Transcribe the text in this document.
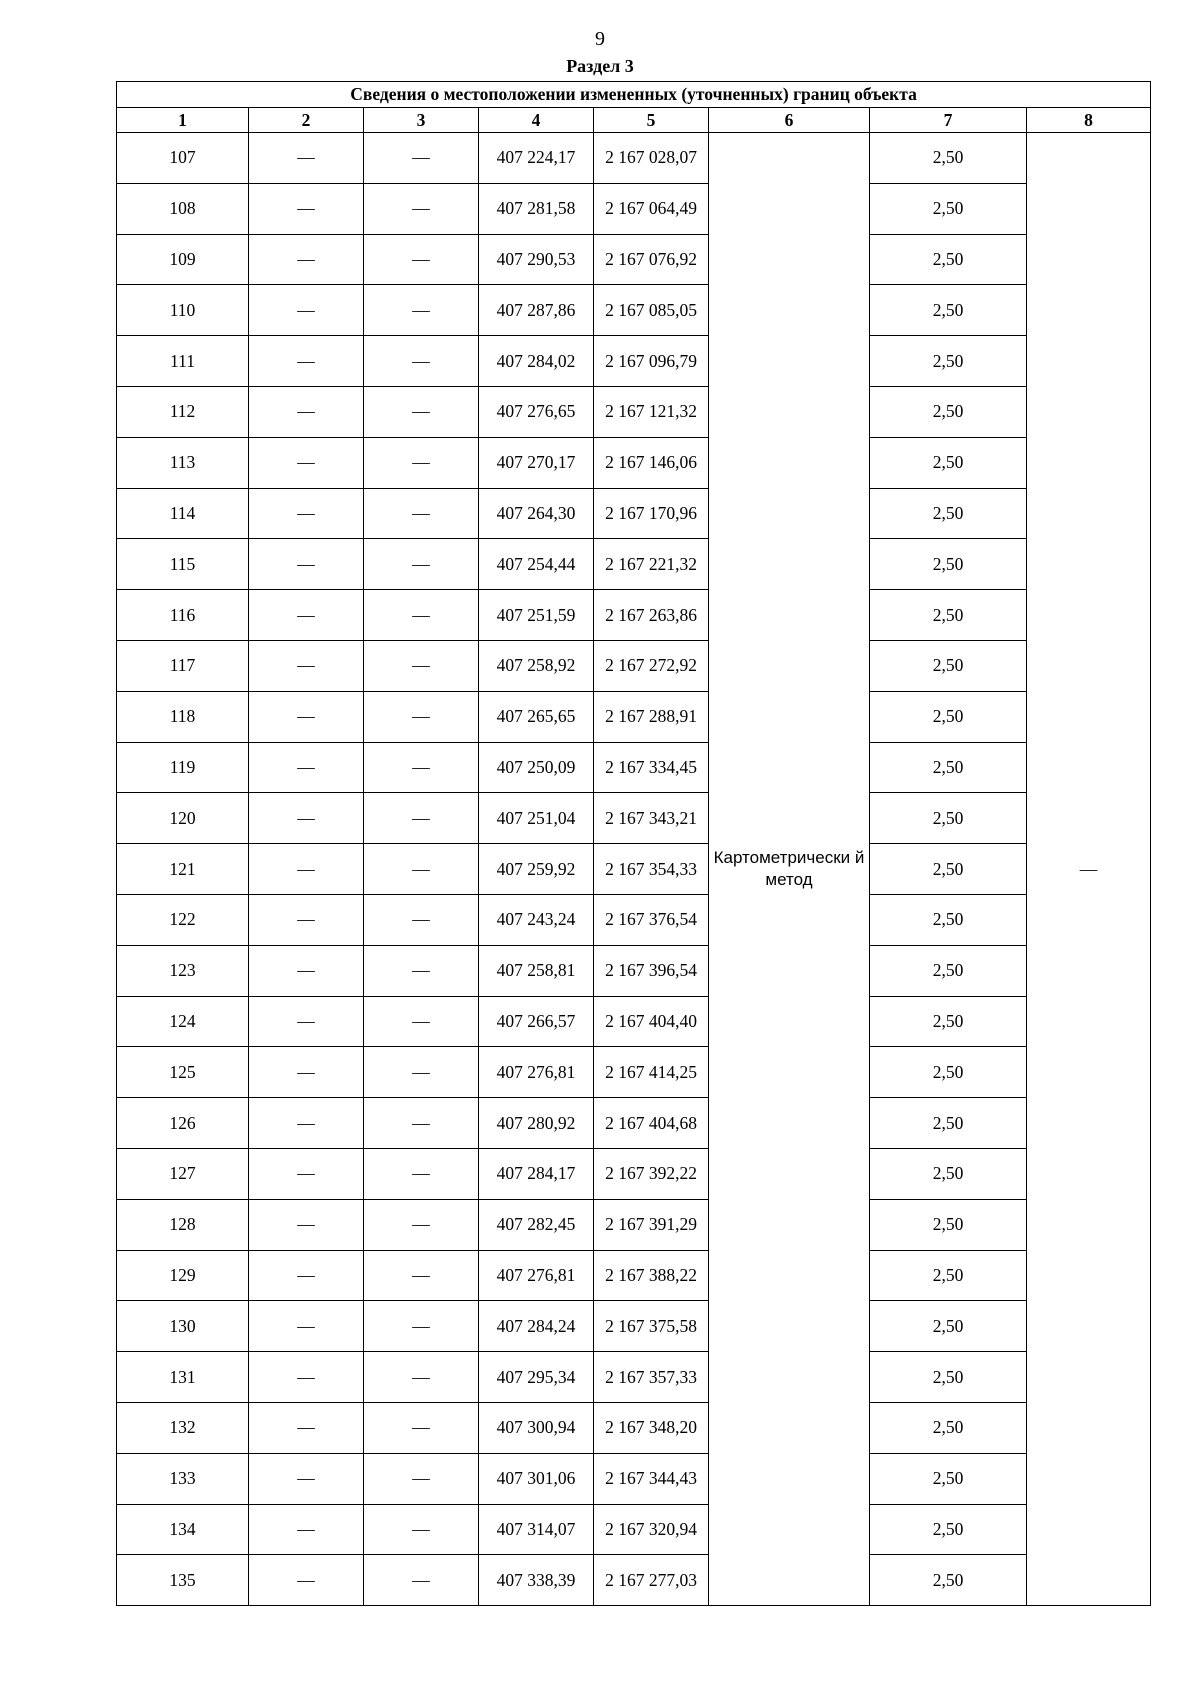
9
Раздел 3
Сведения о местоположении измененных (уточненных) границ объекта							
1	2	3	4	5	6	7	8
107	—	—	407 224,17	2 167 028,07	Картометрически й метод	2,50	—
108	—	—	407 281,58	2 167 064,49		2,50	
109	—	—	407 290,53	2 167 076,92		2,50	
110	—	—	407 287,86	2 167 085,05		2,50	
111	—	—	407 284,02	2 167 096,79		2,50	
112	—	—	407 276,65	2 167 121,32		2,50	
113	—	—	407 270,17	2 167 146,06		2,50	
114	—	—	407 264,30	2 167 170,96		2,50	
115	—	—	407 254,44	2 167 221,32		2,50	
116	—	—	407 251,59	2 167 263,86		2,50	
117	—	—	407 258,92	2 167 272,92		2,50	
118	—	—	407 265,65	2 167 288,91		2,50	
119	—	—	407 250,09	2 167 334,45		2,50	
120	—	—	407 251,04	2 167 343,21		2,50	
121	—	—	407 259,92	2 167 354,33		2,50	
122	—	—	407 243,24	2 167 376,54		2,50	
123	—	—	407 258,81	2 167 396,54		2,50	
124	—	—	407 266,57	2 167 404,40		2,50	
125	—	—	407 276,81	2 167 414,25		2,50	
126	—	—	407 280,92	2 167 404,68		2,50	
127	—	—	407 284,17	2 167 392,22		2,50	
128	—	—	407 282,45	2 167 391,29		2,50	
129	—	—	407 276,81	2 167 388,22		2,50	
130	—	—	407 284,24	2 167 375,58		2,50	
131	—	—	407 295,34	2 167 357,33		2,50	
132	—	—	407 300,94	2 167 348,20		2,50	
133	—	—	407 301,06	2 167 344,43		2,50	
134	—	—	407 314,07	2 167 320,94		2,50	
135	—	—	407 338,39	2 167 277,03		2,50	
